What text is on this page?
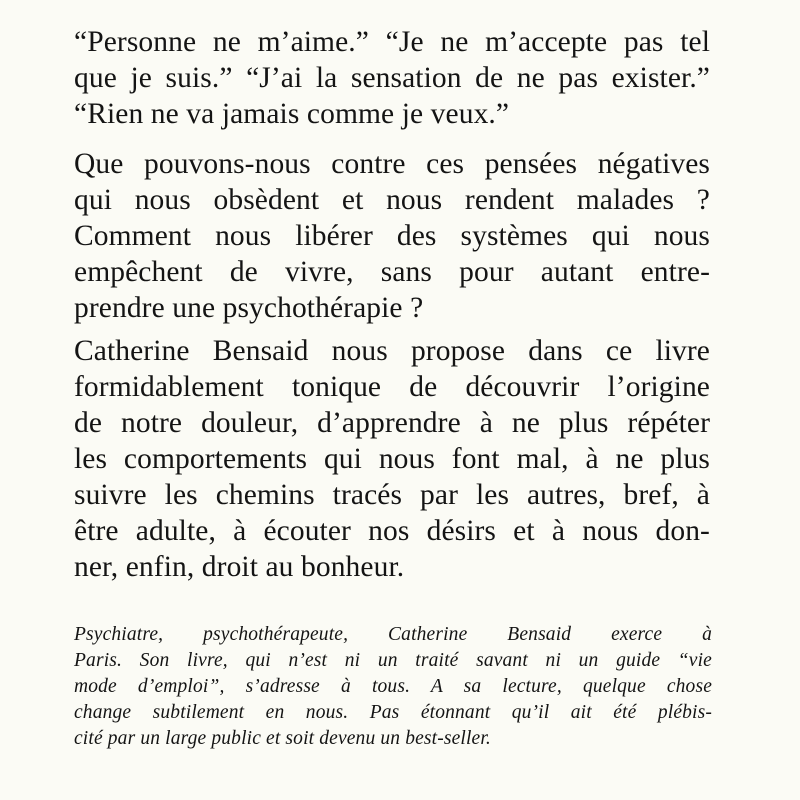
“Personne ne m’aime.” “Je ne m’accepte pas tel
que je suis.” “J’ai la sensation de ne pas exister.”
“Rien ne va jamais comme je veux.”
Que pouvons-nous contre ces pensées négatives
qui nous obsèdent et nous rendent malades ?
Comment nous libérer des systèmes qui nous
empêchent de vivre, sans pour autant entre-
prendre une psychothérapie ?
Catherine Bensaid nous propose dans ce livre
formidablement tonique de découvrir l’origine
de notre douleur, d’apprendre à ne plus répéter
les comportements qui nous font mal, à ne plus
suivre les chemins tracés par les autres, bref, à
être adulte, à écouter nos désirs et à nous don-
ner, enfin, droit au bonheur.
Psychiatre, psychothérapeute, Catherine Bensaid exerce à
Paris. Son livre, qui n’est ni un traité savant ni un guide “vie
mode d’emploi”, s’adresse à tous. A sa lecture, quelque chose
change subtilement en nous. Pas étonnant qu’il ait été plébis-
cité par un large public et soit devenu un best-seller.
